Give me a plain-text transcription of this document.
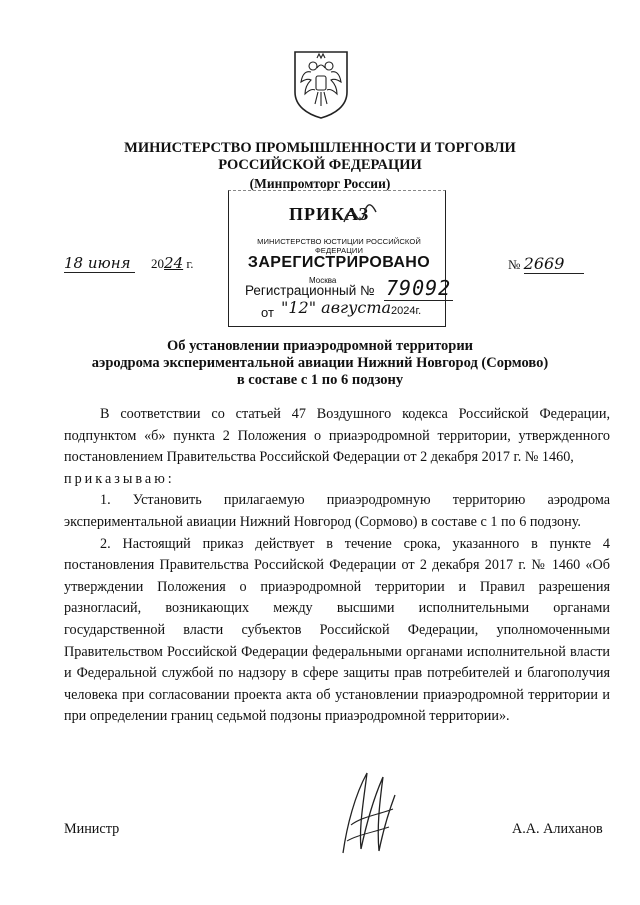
МИНИСТЕРСТВО ПРОМЫШЛЕННОСТИ И ТОРГОВЛИ
РОССИЙСКОЙ ФЕДЕРАЦИИ
(Минпромторг России)
ПРИКАЗ
МИНИСТЕРСТВО ЮСТИЦИИ РОССИЙСКОЙ ФЕДЕРАЦИИ
ЗАРЕГИСТРИРОВАНО
Москва
Регистрационный № 79092
от "12" августа 2024г.
18 июня 2024 г.	№ 2669
Об установлении приаэродромной территории
аэродрома экспериментальной авиации Нижний Новгород (Сормово)
в составе с 1 по 6 подзону

В соответствии со статьей 47 Воздушного кодекса Российской Федерации, подпунктом «б» пункта 2 Положения о приаэродромной территории, утвержденного постановлением Правительства Российской Федерации от 2 декабря 2017 г. № 1460,

приказываю:

1. Установить прилагаемую приаэродромную территорию аэродрома экспериментальной авиации Нижний Новгород (Сормово) в составе с 1 по 6 подзону.

2. Настоящий приказ действует в течение срока, указанного в пункте 4 постановления Правительства Российской Федерации от 2 декабря 2017 г. № 1460 «Об утверждении Положения о приаэродромной территории и Правил разрешения разногласий, возникающих между высшими исполнительными органами государственной власти субъектов Российской Федерации, уполномоченными Правительством Российской Федерации федеральными органами исполнительной власти и Федеральной службой по надзору в сфере защиты прав потребителей и благополучия человека при согласовании проекта акта об установлении приаэродромной территории и при определении границ седьмой подзоны приаэродромной территории».

Министр	А.А. Алиханов
